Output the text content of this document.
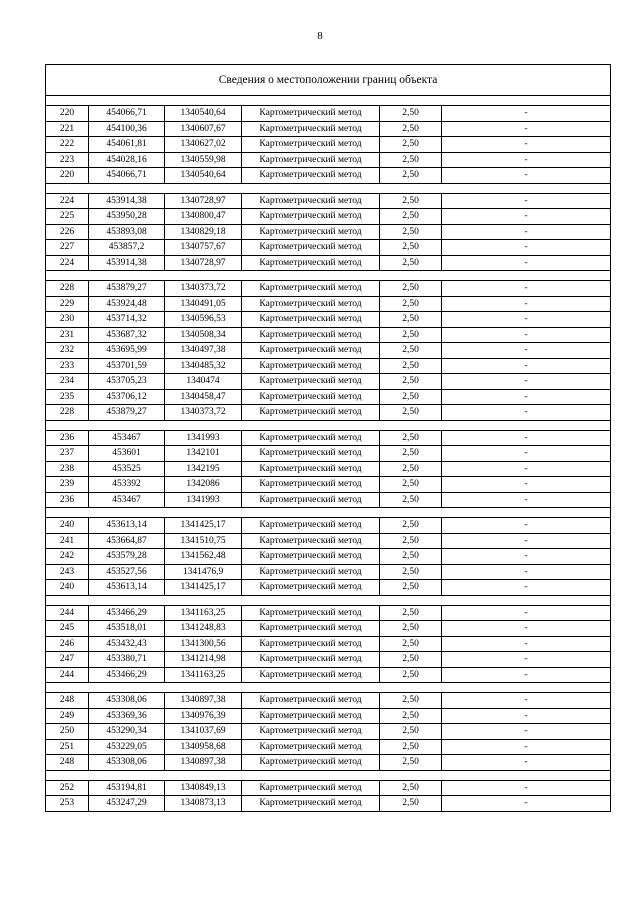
8
Сведения о местоположении границ объекта					

220	454066,71	1340540,64	Картометрический метод	2,50	-
221	454100,36	1340607,67	Картометрический метод	2,50	-
222	454061,81	1340627,02	Картометрический метод	2,50	-
223	454028,16	1340559,98	Картометрический метод	2,50	-
220	454066,71	1340540,64	Картометрический метод	2,50	-

224	453914,38	1340728,97	Картометрический метод	2,50	-
225	453950,28	1340800,47	Картометрический метод	2,50	-
226	453893,08	1340829,18	Картометрический метод	2,50	-
227	453857,2	1340757,67	Картометрический метод	2,50	-
224	453914,38	1340728,97	Картометрический метод	2,50	-

228	453879,27	1340373,72	Картометрический метод	2,50	-
229	453924,48	1340491,05	Картометрический метод	2,50	-
230	453714,32	1340596,53	Картометрический метод	2,50	-
231	453687,32	1340508,34	Картометрический метод	2,50	-
232	453695,99	1340497,38	Картометрический метод	2,50	-
233	453701,59	1340485,32	Картометрический метод	2,50	-
234	453705,23	1340474	Картометрический метод	2,50	-
235	453706,12	1340458,47	Картометрический метод	2,50	-
228	453879,27	1340373,72	Картометрический метод	2,50	-

236	453467	1341993	Картометрический метод	2,50	-
237	453601	1342101	Картометрический метод	2,50	-
238	453525	1342195	Картометрический метод	2,50	-
239	453392	1342086	Картометрический метод	2,50	-
236	453467	1341993	Картометрический метод	2,50	-

240	453613,14	1341425,17	Картометрический метод	2,50	-
241	453664,87	1341510,75	Картометрический метод	2,50	-
242	453579,28	1341562,48	Картометрический метод	2,50	-
243	453527,56	1341476,9	Картометрический метод	2,50	-
240	453613,14	1341425,17	Картометрический метод	2,50	-

244	453466,29	1341163,25	Картометрический метод	2,50	-
245	453518,01	1341248,83	Картометрический метод	2,50	-
246	453432,43	1341300,56	Картометрический метод	2,50	-
247	453380,71	1341214,98	Картометрический метод	2,50	-
244	453466,29	1341163,25	Картометрический метод	2,50	-

248	453308,06	1340897,38	Картометрический метод	2,50	-
249	453369,36	1340976,39	Картометрический метод	2,50	-
250	453290,34	1341037,69	Картометрический метод	2,50	-
251	453229,05	1340958,68	Картометрический метод	2,50	-
248	453308,06	1340897,38	Картометрический метод	2,50	-

252	453194,81	1340849,13	Картометрический метод	2,50	-
253	453247,29	1340873,13	Картометрический метод	2,50	-
